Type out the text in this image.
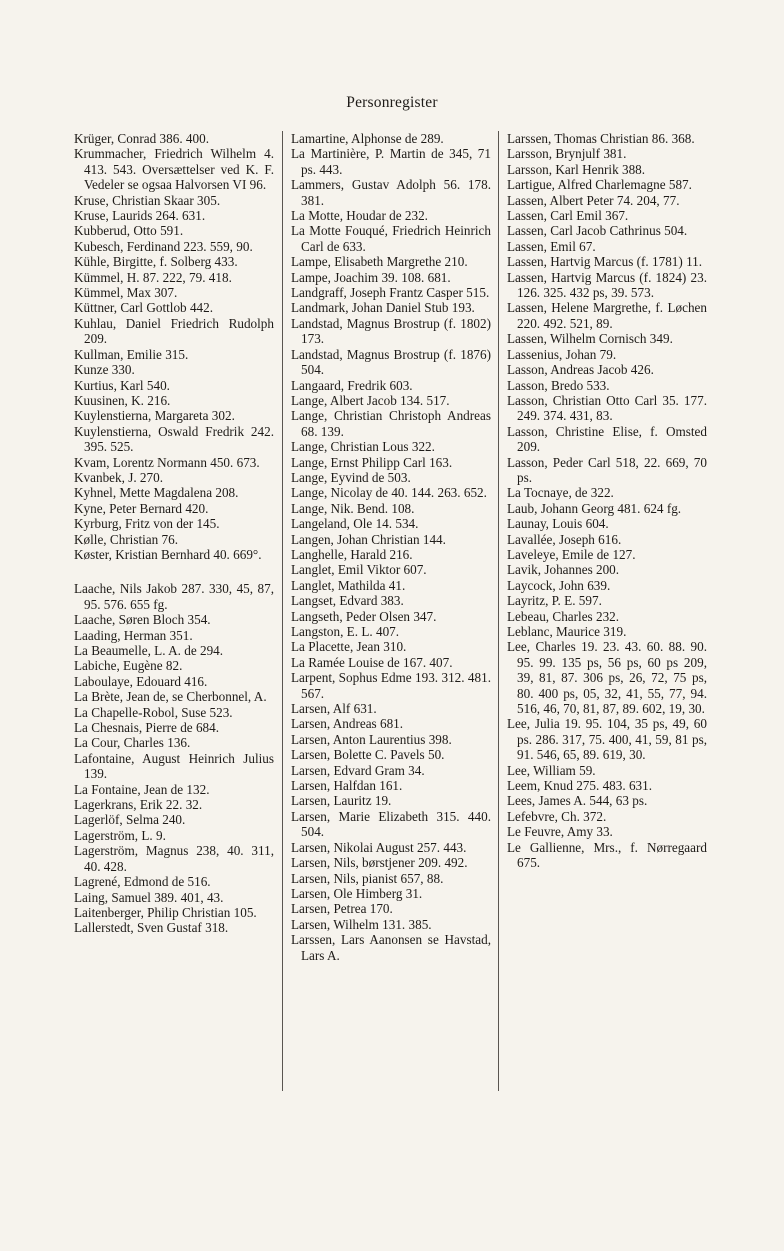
Personregister
Krüger, Conrad 386. 400.
Krummacher, Friedrich Wilhelm 4. 413. 543. Oversættelser ved K. F. Vedeler se ogsaa Halvorsen VI 96.
Kruse, Christian Skaar 305.
Kruse, Laurids 264. 631.
Kubberud, Otto 591.
Kubesch, Ferdinand 223. 559, 90.
Kühle, Birgitte, f. Solberg 433.
Kümmel, H. 87. 222, 79. 418.
Kümmel, Max 307.
Küttner, Carl Gottlob 442.
Kuhlau, Daniel Friedrich Rudolph 209.
Kullman, Emilie 315.
Kunze 330.
Kurtius, Karl 540.
Kuusinen, K. 216.
Kuylenstierna, Margareta 302.
Kuylenstierna, Oswald Fredrik 242. 395. 525.
Kvam, Lorentz Normann 450. 673.
Kvanbek, J. 270.
Kyhnel, Mette Magdalena 208.
Kyne, Peter Bernard 420.
Kyrburg, Fritz von der 145.
Kølle, Christian 76.
Køster, Kristian Bernhard 40. 669°.
Laache, Nils Jakob 287. 330, 45, 87, 95. 576. 655 fg.
Laache, Søren Bloch 354.
Laading, Herman 351.
La Beaumelle, L. A. de 294.
Labiche, Eugène 82.
Laboulaye, Edouard 416.
La Brète, Jean de, se Cherbonnel, A.
La Chapelle-Robol, Suse 523.
La Chesnais, Pierre de 684.
La Cour, Charles 136.
Lafontaine, August Heinrich Julius 139.
La Fontaine, Jean de 132.
Lagerkrans, Erik 22. 32.
Lagerlöf, Selma 240.
Lagerström, L. 9.
Lagerström, Magnus 238, 40. 311, 40. 428.
Lagrené, Edmond de 516.
Laing, Samuel 389. 401, 43.
Laitenberger, Philip Christian 105.
Lallerstedt, Sven Gustaf 318.
Lamartine, Alphonse de 289.
La Martinière, P. Martin de 345, 71 ps. 443.
Lammers, Gustav Adolph 56. 178. 381.
La Motte, Houdar de 232.
La Motte Fouqué, Friedrich Heinrich Carl de 633.
Lampe, Elisabeth Margrethe 210.
Lampe, Joachim 39. 108. 681.
Landgraff, Joseph Frantz Casper 515.
Landmark, Johan Daniel Stub 193.
Landstad, Magnus Brostrup (f. 1802) 173.
Landstad, Magnus Brostrup (f. 1876) 504.
Langaard, Fredrik 603.
Lange, Albert Jacob 134. 517.
Lange, Christian Christoph Andreas 68. 139.
Lange, Christian Lous 322.
Lange, Ernst Philipp Carl 163.
Lange, Eyvind de 503.
Lange, Nicolay de 40. 144. 263. 652.
Lange, Nik. Bend. 108.
Langeland, Ole 14. 534.
Langen, Johan Christian 144.
Langhelle, Harald 216.
Langlet, Emil Viktor 607.
Langlet, Mathilda 41.
Langset, Edvard 383.
Langseth, Peder Olsen 347.
Langston, E. L. 407.
La Placette, Jean 310.
La Ramée Louise de 167. 407.
Larpent, Sophus Edme 193. 312. 481. 567.
Larsen, Alf 631.
Larsen, Andreas 681.
Larsen, Anton Laurentius 398.
Larsen, Bolette C. Pavels 50.
Larsen, Edvard Gram 34.
Larsen, Halfdan 161.
Larsen, Lauritz 19.
Larsen, Marie Elizabeth 315. 440. 504.
Larsen, Nikolai August 257. 443.
Larsen, Nils, børstjener 209. 492.
Larsen, Nils, pianist 657, 88.
Larsen, Ole Himberg 31.
Larsen, Petrea 170.
Larsen, Wilhelm 131. 385.
Larssen, Lars Aanonsen se Havstad, Lars A.
Larssen, Thomas Christian 86. 368.
Larsson, Brynjulf 381.
Larsson, Karl Henrik 388.
Lartigue, Alfred Charlemagne 587.
Lassen, Albert Peter 74. 204, 77.
Lassen, Carl Emil 367.
Lassen, Carl Jacob Cathrinus 504.
Lassen, Emil 67.
Lassen, Hartvig Marcus (f. 1781) 11.
Lassen, Hartvig Marcus (f. 1824) 23. 126. 325. 432 ps, 39. 573.
Lassen, Helene Margrethe, f. Løchen 220. 492. 521, 89.
Lassen, Wilhelm Cornisch 349.
Lassenius, Johan 79.
Lasson, Andreas Jacob 426.
Lasson, Bredo 533.
Lasson, Christian Otto Carl 35. 177. 249. 374. 431, 83.
Lasson, Christine Elise, f. Omsted 209.
Lasson, Peder Carl 518, 22. 669, 70 ps.
La Tocnaye, de 322.
Laub, Johann Georg 481. 624 fg.
Launay, Louis 604.
Lavallée, Joseph 616.
Laveleye, Emile de 127.
Lavik, Johannes 200.
Laycock, John 639.
Layritz, P. E. 597.
Lebeau, Charles 232.
Leblanc, Maurice 319.
Lee, Charles 19. 23. 43. 60. 88. 90. 95. 99. 135 ps, 56 ps, 60 ps 209, 39, 81, 87. 306 ps, 26, 72, 75 ps, 80. 400 ps, 05, 32, 41, 55, 77, 94. 516, 46, 70, 81, 87, 89. 602, 19, 30.
Lee, Julia 19. 95. 104, 35 ps, 49, 60 ps. 286. 317, 75. 400, 41, 59, 81 ps, 91. 546, 65, 89. 619, 30.
Lee, William 59.
Leem, Knud 275. 483. 631.
Lees, James A. 544, 63 ps.
Lefebvre, Ch. 372.
Le Feuvre, Amy 33.
Le Gallienne, Mrs., f. Nørregaard 675.
